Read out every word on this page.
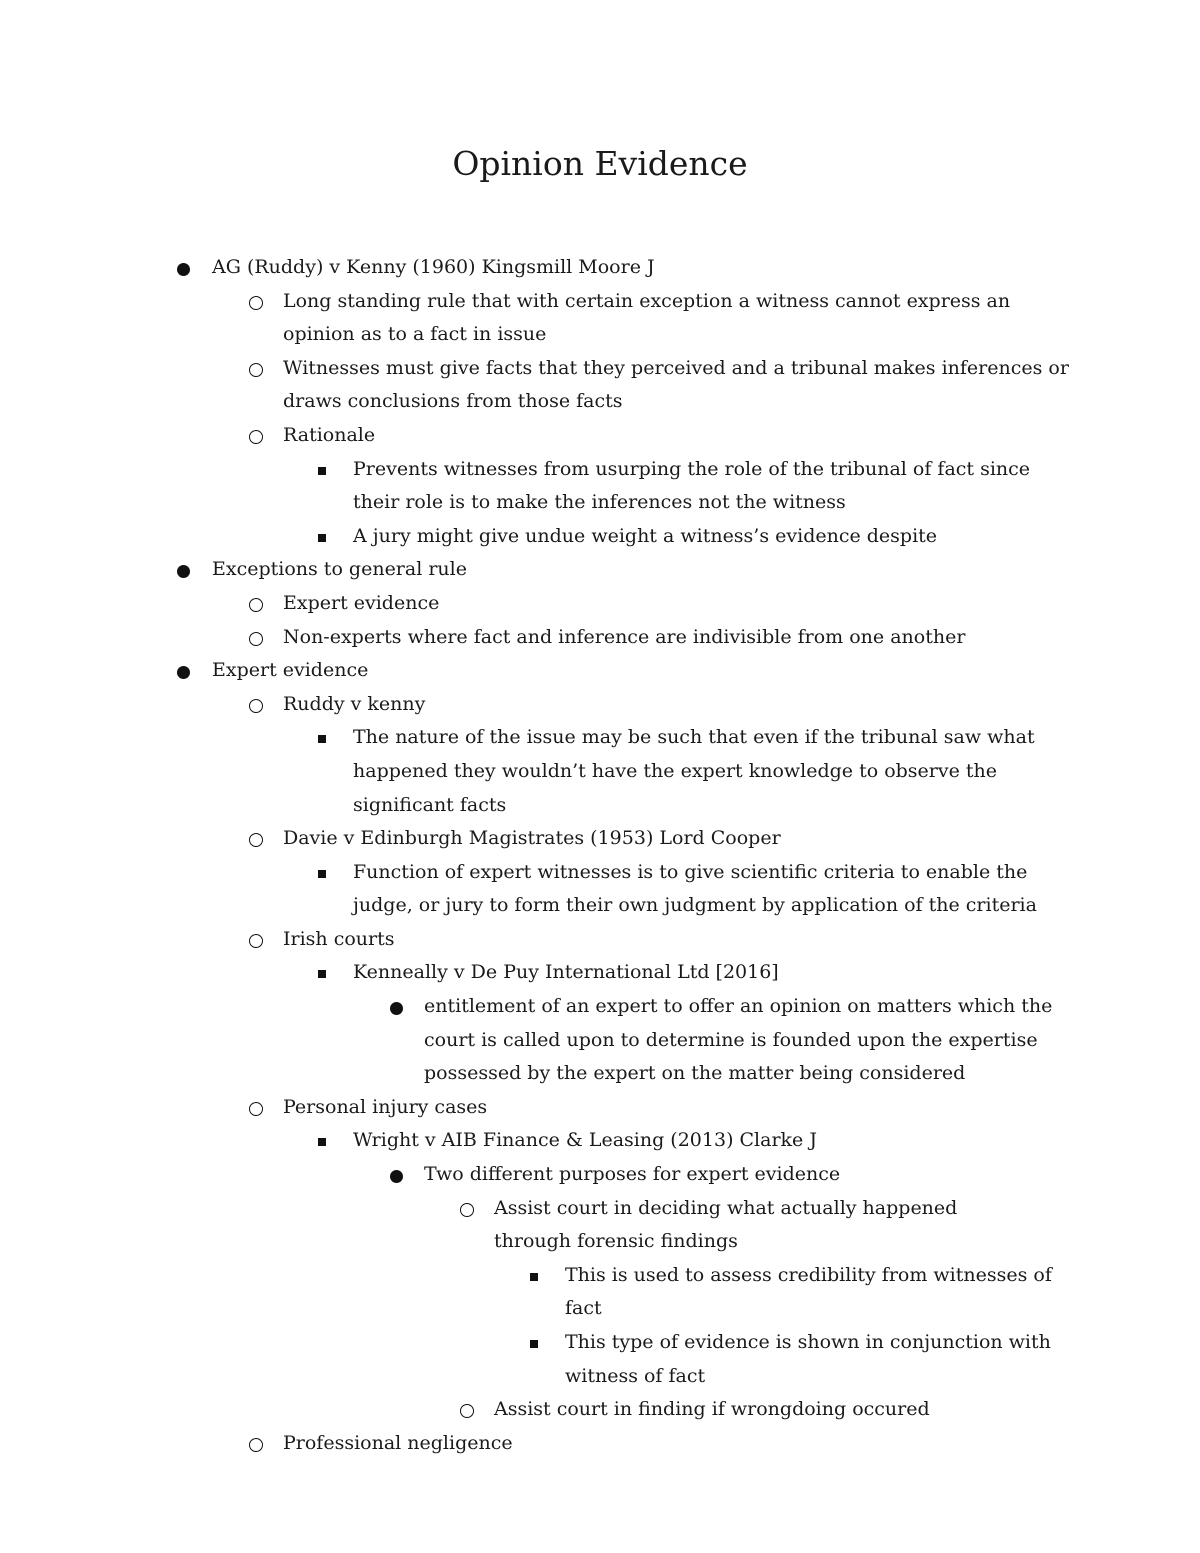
Opinion Evidence
AG (Ruddy) v Kenny (1960) Kingsmill Moore J
Long standing rule that with certain exception a witness cannot express an opinion as to a fact in issue
Witnesses must give facts that they perceived and a tribunal makes inferences or draws conclusions from those facts
Rationale
Prevents witnesses from usurping the role of the tribunal of fact since their role is to make the inferences not the witness
A jury might give undue weight a witness’s evidence despite
Exceptions to general rule
Expert evidence
Non-experts where fact and inference are indivisible from one another
Expert evidence
Ruddy v kenny
The nature of the issue may be such that even if the tribunal saw what happened they wouldn’t have the expert knowledge to observe the significant facts
Davie v Edinburgh Magistrates (1953) Lord Cooper
Function of expert witnesses is to give scientific criteria to enable the judge, or jury to form their own judgment by application of the criteria
Irish courts
Kenneally v De Puy International Ltd [2016]
entitlement of an expert to offer an opinion on matters which the court is called upon to determine is founded upon the expertise possessed by the expert on the matter being considered
Personal injury cases
Wright v AIB Finance & Leasing (2013) Clarke J
Two different purposes for expert evidence
Assist court in deciding what actually happened through forensic findings
This is used to assess credibility from witnesses of fact
This type of evidence is shown in conjunction with witness of fact
Assist court in finding if wrongdoing occured
Professional negligence
